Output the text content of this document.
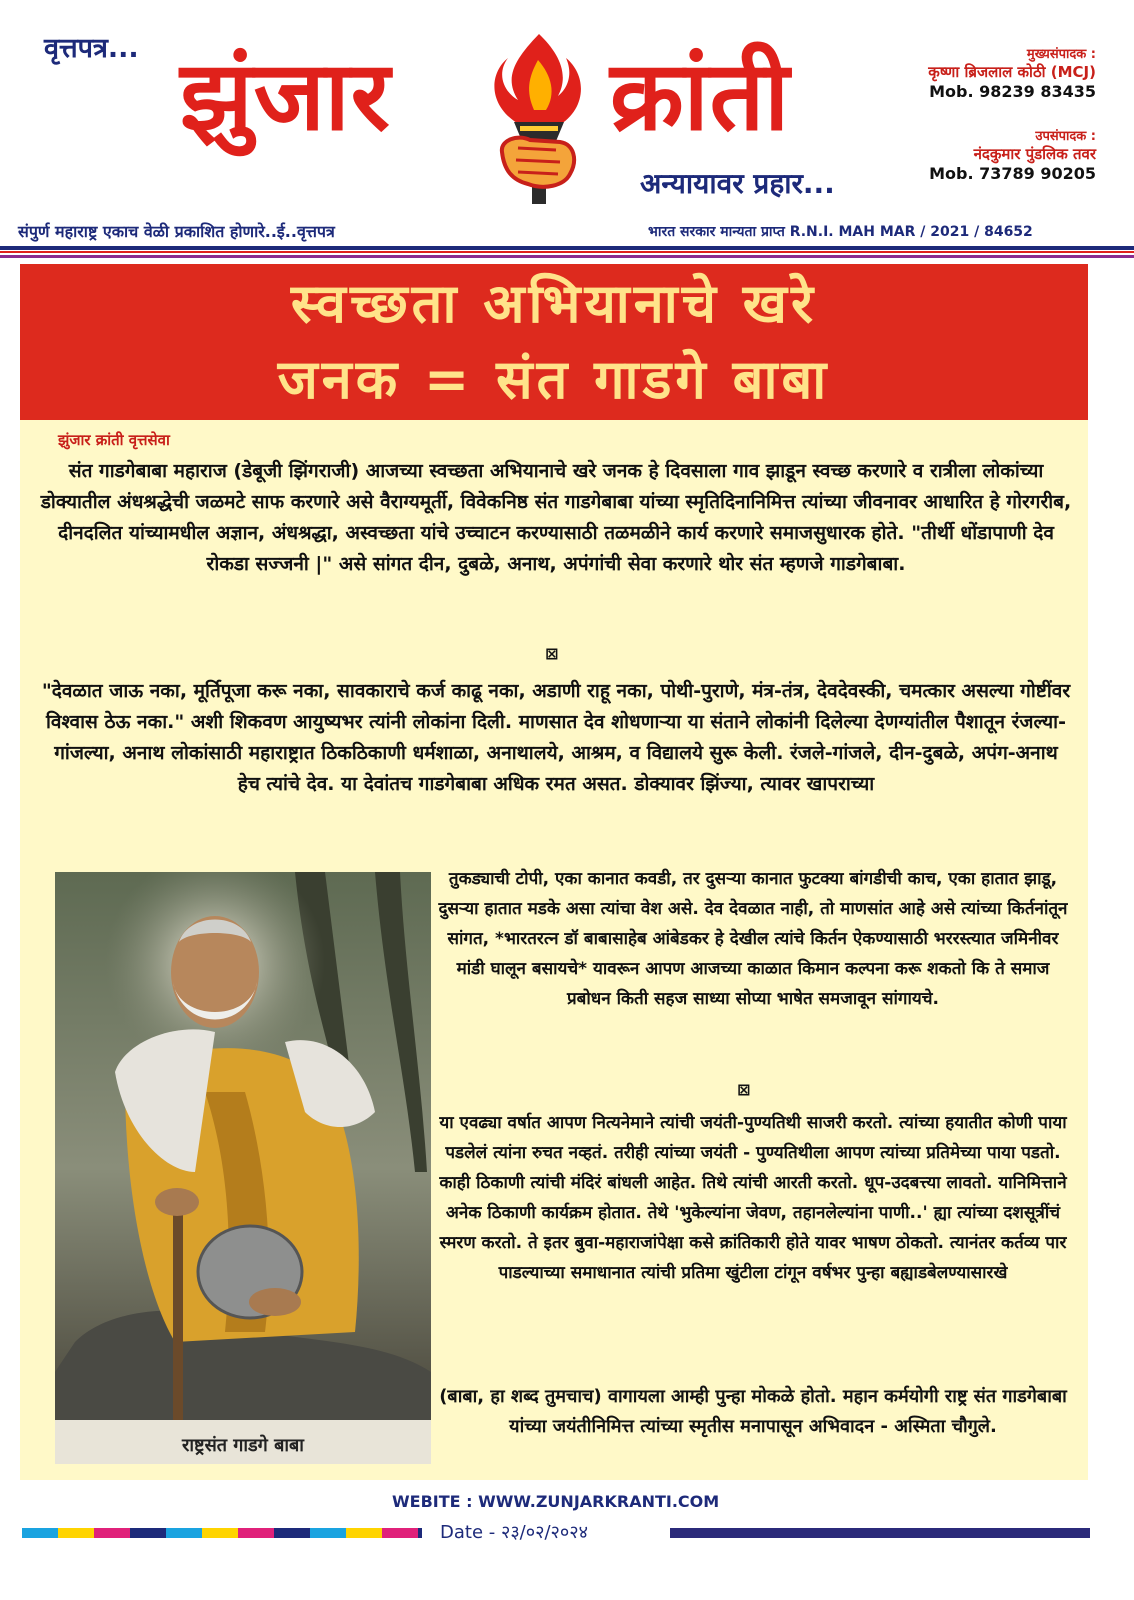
वृत्तपत्र... झुंजार क्रांती
अन्यायावर प्रहार...
मुख्यसंपादक :
कृष्णा ब्रिजलाल कोठी (MCJ)
Mob. 98239 83435
उपसंपादक :
नंदकुमार पुंडलिक तवर
Mob. 73789 90205
संपुर्ण महाराष्ट्र एकाच वेळी प्रकाशित होणारे..ई..वृत्तपत्र	भारत सरकार मान्यता प्राप्त R.N.I. MAH MAR / 2021 / 84652
स्वच्छता अभियानाचे खरे
जनक = संत गाडगे बाबा
झुंजार क्रांती वृत्तसेवा
संत गाडगेबाबा महाराज (डेबूजी झिंगराजी) आजच्या स्वच्छता अभियानाचे खरे जनक हे दिवसाला गाव झाडून स्वच्छ करणारे व रात्रीला लोकांच्या डोक्यातील अंधश्रद्धेची जळमटे साफ करणारे असे वैराग्यमूर्ती, विवेकनिष्ठ संत गाडगेबाबा यांच्या स्मृतिदिनानिमित्त त्यांच्या जीवनावर आधारित हे गोरगरीब, दीनदलित यांच्यामधील अज्ञान, अंधश्रद्धा, अस्वच्छता यांचे उच्चाटन करण्यासाठी तळमळीने कार्य करणारे समाजसुधारक होते. "तीर्थी धोंडापाणी देव रोकडा सज्जनी |" असे सांगत दीन, दुबळे, अनाथ, अपंगांची सेवा करणारे थोर संत म्हणजे गाडगेबाबा.
⊠
"देवळात जाऊ नका, मूर्तिपूजा करू नका, सावकाराचे कर्ज काढू नका, अडाणी राहू नका, पोथी-पुराणे, मंत्र-तंत्र, देवदेवस्की, चमत्कार असल्या गोष्टींवर विश्वास ठेऊ नका." अशी शिकवण आयुष्यभर त्यांनी लोकांना दिली. माणसात देव शोधणाऱ्या या संताने लोकांनी दिलेल्या देणग्यांतील पैशातून रंजल्या-गांजल्या, अनाथ लोकांसाठी महाराष्ट्रात ठिकठिकाणी धर्मशाळा, अनाथालये, आश्रम, व विद्यालये सुरू केली. रंजले-गांजले, दीन-दुबळे, अपंग-अनाथ हेच त्यांचे देव. या देवांतच गाडगेबाबा अधिक रमत असत. डोक्यावर झिंज्या, त्यावर खापराच्या
राष्ट्रसंत गाडगे बाबा
तुकड्याची टोपी, एका कानात कवडी, तर दुसऱ्या कानात फुटक्या बांगडीची काच, एका हातात झाडू, दुसऱ्या हातात मडके असा त्यांचा वेश असे. देव देवळात नाही, तो माणसांत आहे असे त्यांच्या किर्तनांतून सांगत, *भारतरत्न डॉ बाबासाहेब आंबेडकर हे देखील त्यांचे किर्तन ऐकण्यासाठी भररस्त्यात जमिनीवर मांडी घालून बसायचे* यावरून आपण आजच्या काळात किमान कल्पना करू शकतो कि ते समाज प्रबोधन किती सहज साध्या सोप्या भाषेत समजावून सांगायचे.
⊠
या एवढ्या वर्षात आपण नित्यनेमाने त्यांची जयंती-पुण्यतिथी साजरी करतो. त्यांच्या हयातीत कोणी पाया पडलेलं त्यांना रुचत नव्हतं. तरीही त्यांच्या जयंती - पुण्यतिथीला आपण त्यांच्या प्रतिमेच्या पाया पडतो. काही ठिकाणी त्यांची मंदिरं बांधली आहेत. तिथे त्यांची आरती करतो. धूप-उदबत्त्या लावतो. यानिमित्ताने अनेक ठिकाणी कार्यक्रम होतात. तेथे 'भुकेल्यांना जेवण, तहानलेल्यांना पाणी..' ह्या त्यांच्या दशसूत्रींचं स्मरण करतो. ते इतर बुवा-महाराजांपेक्षा कसे क्रांतिकारी होते यावर भाषण ठोकतो. त्यानंतर कर्तव्य पार पाडल्याच्या समाधानात त्यांची प्रतिमा खुंटीला टांगून वर्षभर पुन्हा बह्याडबेलण्यासारखे
(बाबा, हा शब्द तुमचाच) वागायला आम्ही पुन्हा मोकळे होतो. महान कर्मयोगी राष्ट्र संत गाडगेबाबा यांच्या जयंतीनिमित्त त्यांच्या स्मृतीस मनापासून अभिवादन - अस्मिता चौगुले.
WEBITE : WWW.ZUNJARKRANTI.COM
Date - २३/०२/२०२४
